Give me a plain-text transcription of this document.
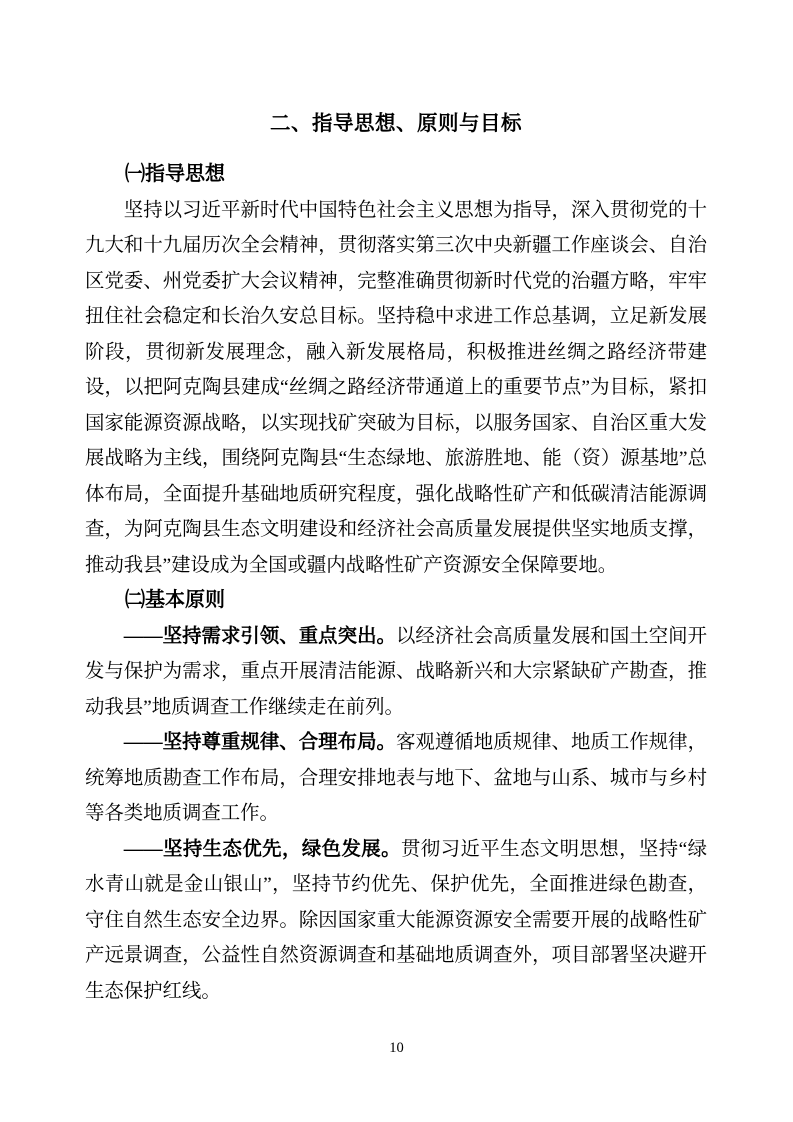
二、指导思想、原则与目标
㈠指导思想

坚持以习近平新时代中国特色社会主义思想为指导，深入贯彻党的十九大和十九届历次全会精神，贯彻落实第三次中央新疆工作座谈会、自治区党委、州党委扩大会议精神，完整准确贯彻新时代党的治疆方略，牢牢扭住社会稳定和长治久安总目标。坚持稳中求进工作总基调，立足新发展阶段，贯彻新发展理念，融入新发展格局，积极推进丝绸之路经济带建设，以把阿克陶县建成“丝绸之路经济带通道上的重要节点”为目标，紧扣国家能源资源战略，以实现找矿突破为目标，以服务国家、自治区重大发展战略为主线，围绕阿克陶县“生态绿地、旅游胜地、能（资）源基地”总体布局，全面提升基础地质研究程度，强化战略性矿产和低碳清洁能源调查，为阿克陶县生态文明建设和经济社会高质量发展提供坚实地质支撑，推动我县”建设成为全国或疆内战略性矿产资源安全保障要地。

㈡基本原则

——坚持需求引领、重点突出。以经济社会高质量发展和国土空间开发与保护为需求，重点开展清洁能源、战略新兴和大宗紧缺矿产勘查，推动我县”地质调查工作继续走在前列。

——坚持尊重规律、合理布局。客观遵循地质规律、地质工作规律，统筹地质勘查工作布局，合理安排地表与地下、盆地与山系、城市与乡村等各类地质调查工作。

——坚持生态优先，绿色发展。贯彻习近平生态文明思想，坚持“绿水青山就是金山银山”，坚持节约优先、保护优先，全面推进绿色勘查，守住自然生态安全边界。除因国家重大能源资源安全需要开展的战略性矿产远景调查，公益性自然资源调查和基础地质调查外，项目部署坚决避开生态保护红线。

10
